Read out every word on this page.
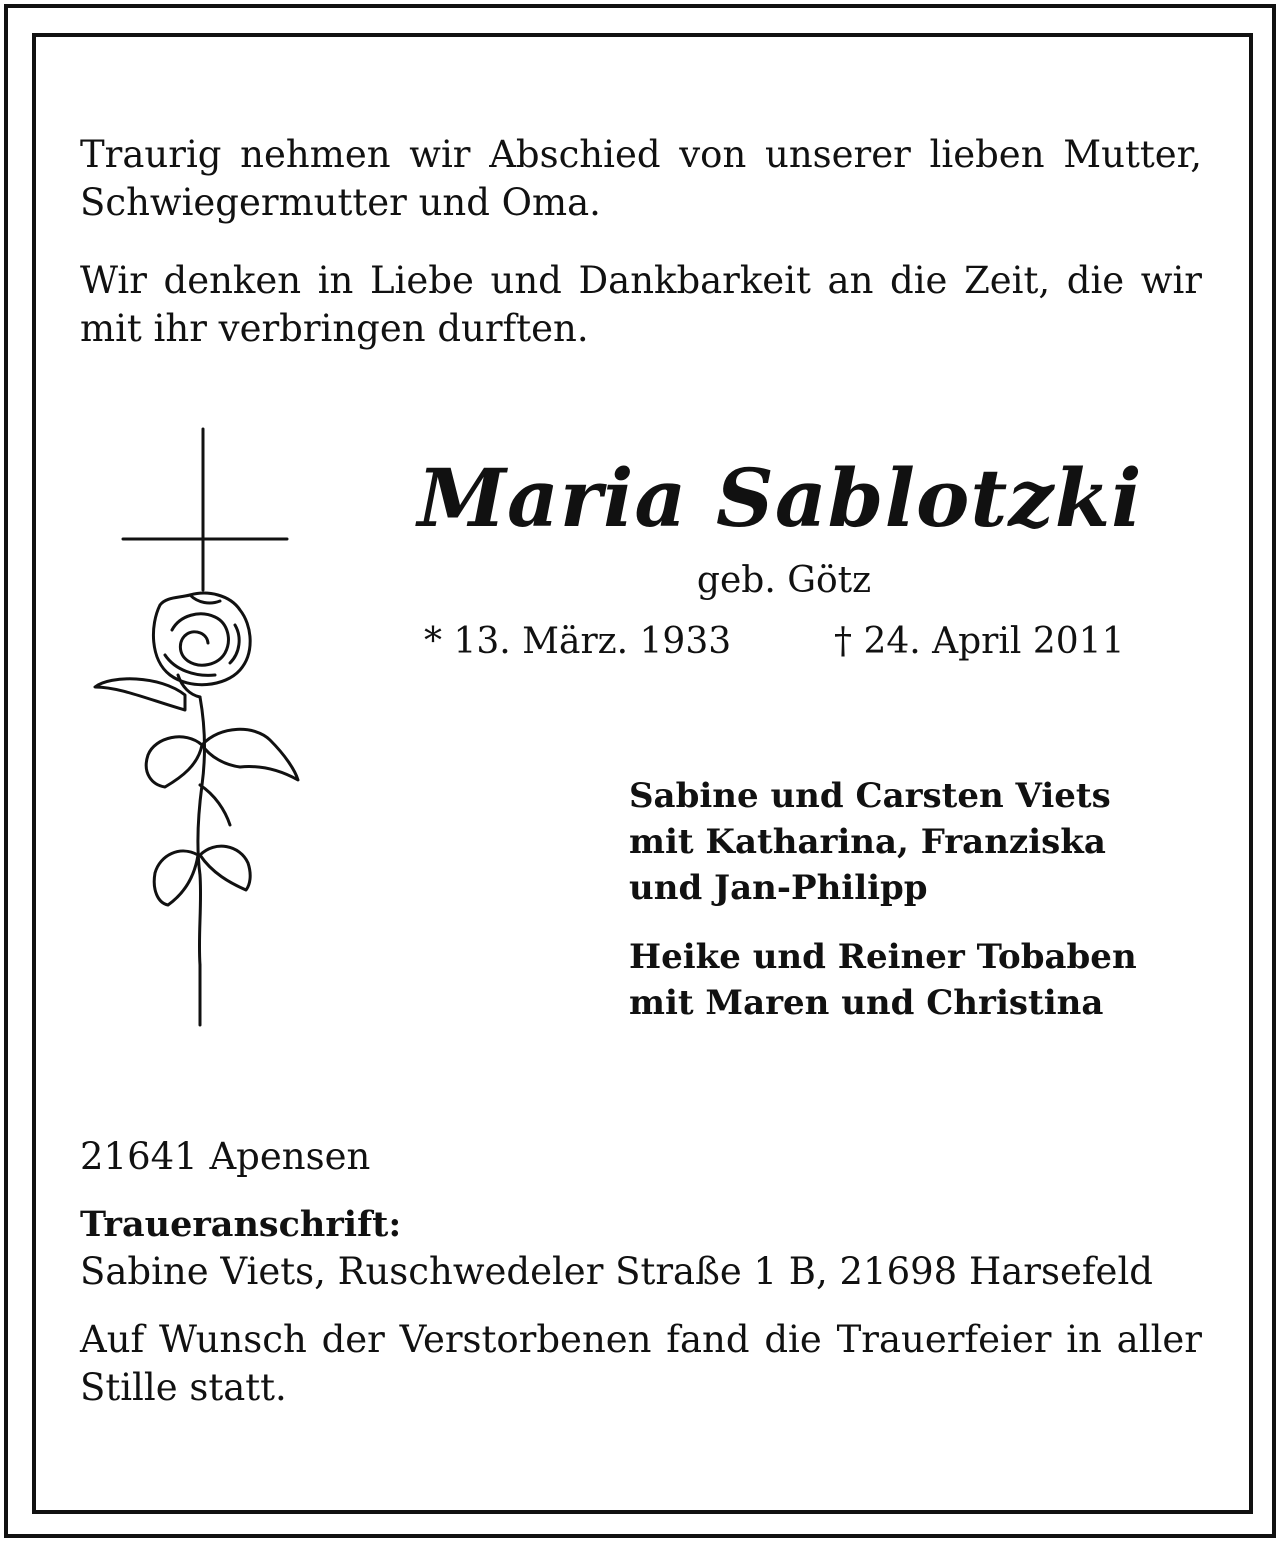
Traurig nehmen wir Abschied von unserer lieben Mutter, Schwiegermutter und Oma.

Wir denken in Liebe und Dankbarkeit an die Zeit, die wir mit ihr verbringen durften.

Maria Sablotzki

geb. Götz
* 13. März. 1933	† 24. April 2011
Sabine und Carsten Viets
mit Katharina, Franziska
und Jan-Philipp
Heike und Reiner Tobaben
mit Maren und Christina
21641 Apensen
Traueranschrift:
Sabine Viets, Ruschwedeler Straße 1 B, 21698 Harsefeld

Auf Wunsch der Verstorbenen fand die Trauerfeier in aller Stille statt.
